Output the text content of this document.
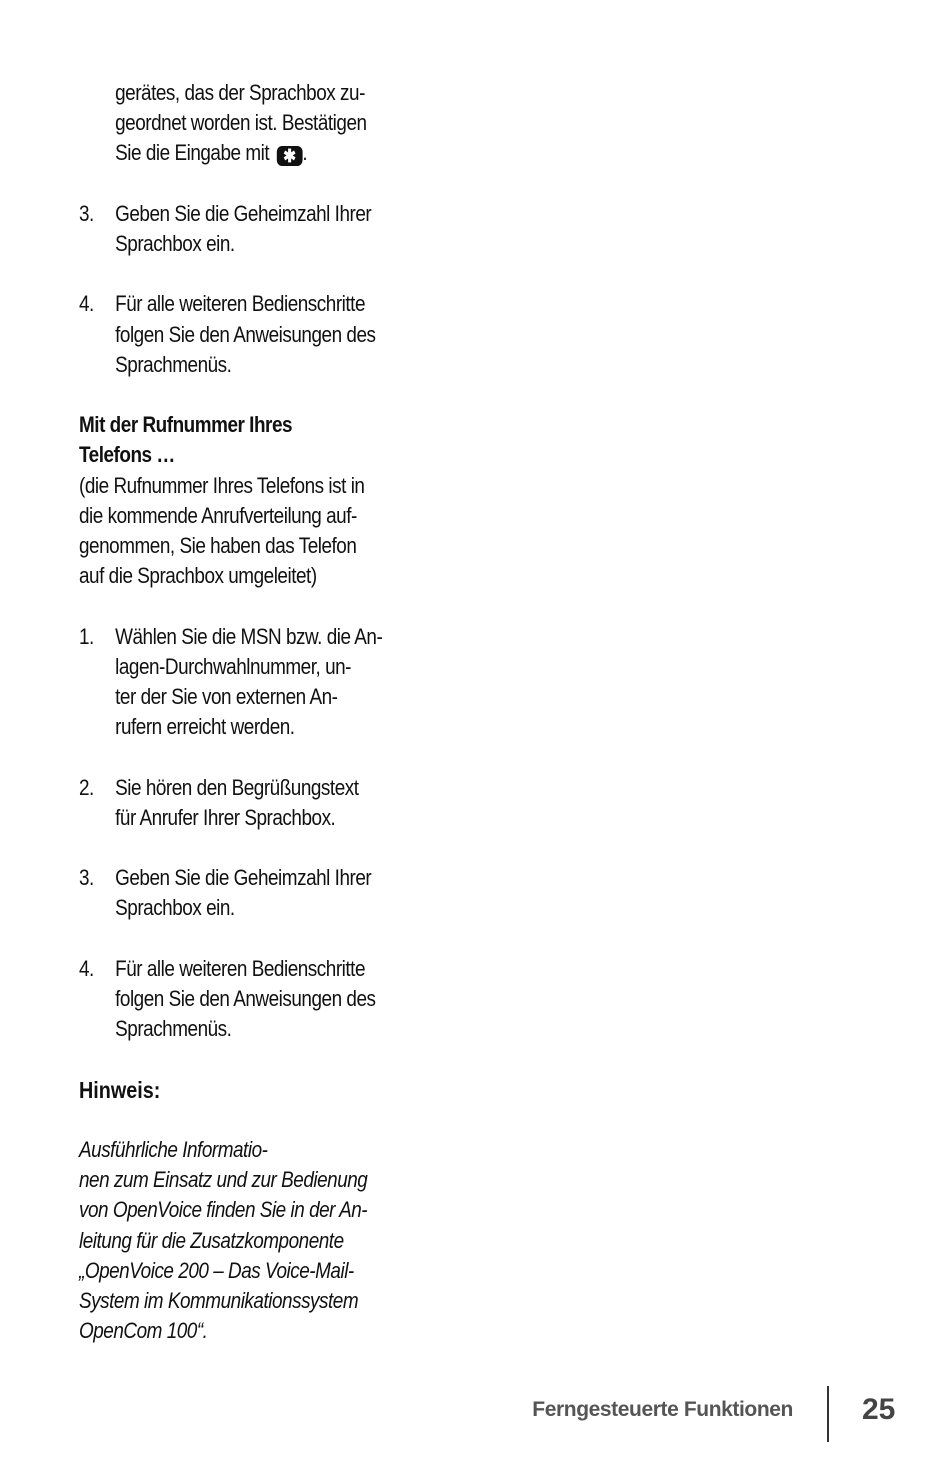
gerätes, das der Sprachbox zu-
geordnet worden ist. Bestätigen
Sie die Eingabe mit ✱ .
3. Geben Sie die Geheimzahl Ihrer
Sprachbox ein.
4. Für alle weiteren Bedienschritte
folgen Sie den Anweisungen des
Sprachmenüs.
Mit der Rufnummer Ihres
Telefons …
(die Rufnummer Ihres Telefons ist in
die kommende Anrufverteilung auf-
genommen, Sie haben das Telefon
auf die Sprachbox umgeleitet)
1. Wählen Sie die MSN bzw. die An-
lagen-Durchwahlnummer, un-
ter der Sie von externen An-
rufern erreicht werden.
2. Sie hören den Begrüßungstext
für Anrufer Ihrer Sprachbox.
3. Geben Sie die Geheimzahl Ihrer
Sprachbox ein.
4. Für alle weiteren Bedienschritte
folgen Sie den Anweisungen des
Sprachmenüs.
Hinweis:

Ausführliche Informatio-
nen zum Einsatz und zur Bedienung
von OpenVoice finden Sie in der An-
leitung für die Zusatzkomponente
„OpenVoice 200 – Das Voice-Mail-
System im Kommunikationssystem
OpenCom 100“.
Ferngesteuerte Funktionen 25
